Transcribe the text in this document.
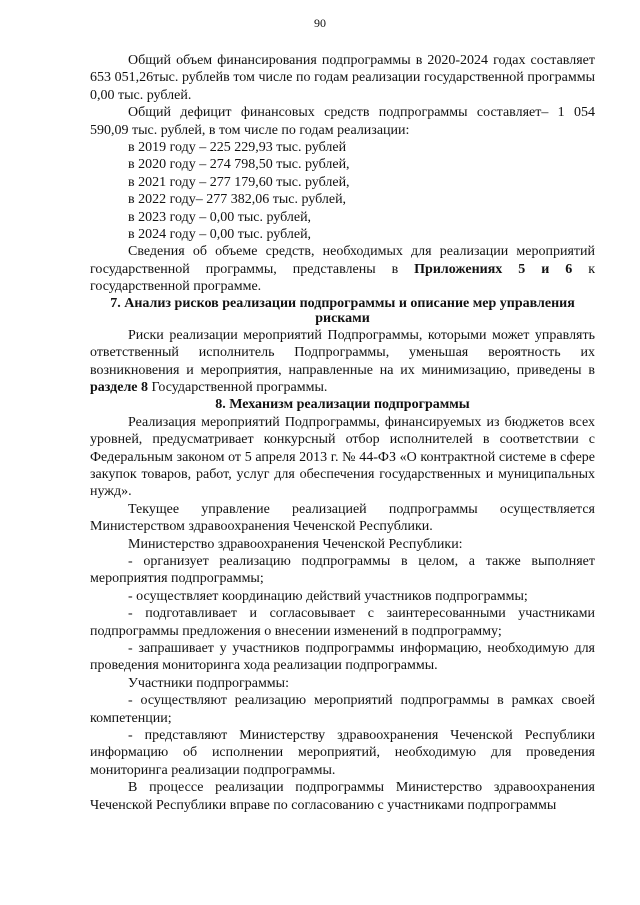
90

Общий объем финансирования подпрограммы в 2020-2024 годах составляет 653 051,26тыс. рублейв том числе по годам реализации государственной программы 0,00 тыс. рублей.

Общий дефицит финансовых средств подпрограммы составляет– 1 054 590,09 тыс. рублей, в том числе по годам реализации:

в 2019 году – 225 229,93 тыс. рублей

в 2020 году – 274 798,50 тыс. рублей,

в 2021 году – 277 179,60 тыс. рублей,

в 2022 году– 277 382,06 тыс. рублей,

в 2023 году – 0,00 тыс. рублей,

в 2024 году – 0,00 тыс. рублей,

Сведения об объеме средств, необходимых для реализации мероприятий государственной программы, представлены в Приложениях 5 и 6 к государственной программе.

7. Анализ рисков реализации подпрограммы и описание мер управления рисками

Риски реализации мероприятий Подпрограммы, которыми может управлять ответственный исполнитель Подпрограммы, уменьшая вероятность их возникновения и мероприятия, направленные на их минимизацию, приведены в разделе 8 Государственной программы.

8. Механизм реализации подпрограммы

Реализация мероприятий Подпрограммы, финансируемых из бюджетов всех уровней, предусматривает конкурсный отбор исполнителей в соответствии с Федеральным законом от 5 апреля 2013 г. № 44-ФЗ «О контрактной системе в сфере закупок товаров, работ, услуг для обеспечения государственных и муниципальных нужд».

Текущее управление реализацией подпрограммы осуществляется Министерством здравоохранения Чеченской Республики.

Министерство здравоохранения Чеченской Республики:

- организует реализацию подпрограммы в целом, а также выполняет мероприятия подпрограммы;

- осуществляет координацию действий участников подпрограммы;

- подготавливает и согласовывает с заинтересованными участниками подпрограммы предложения о внесении изменений в подпрограмму;

- запрашивает у участников подпрограммы информацию, необходимую для проведения мониторинга хода реализации подпрограммы.

Участники подпрограммы:

- осуществляют реализацию мероприятий подпрограммы в рамках своей компетенции;

- представляют Министерству здравоохранения Чеченской Республики информацию об исполнении мероприятий, необходимую для проведения мониторинга реализации подпрограммы.

В процессе реализации подпрограммы Министерство здравоохранения Чеченской Республики вправе по согласованию с участниками подпрограммы
